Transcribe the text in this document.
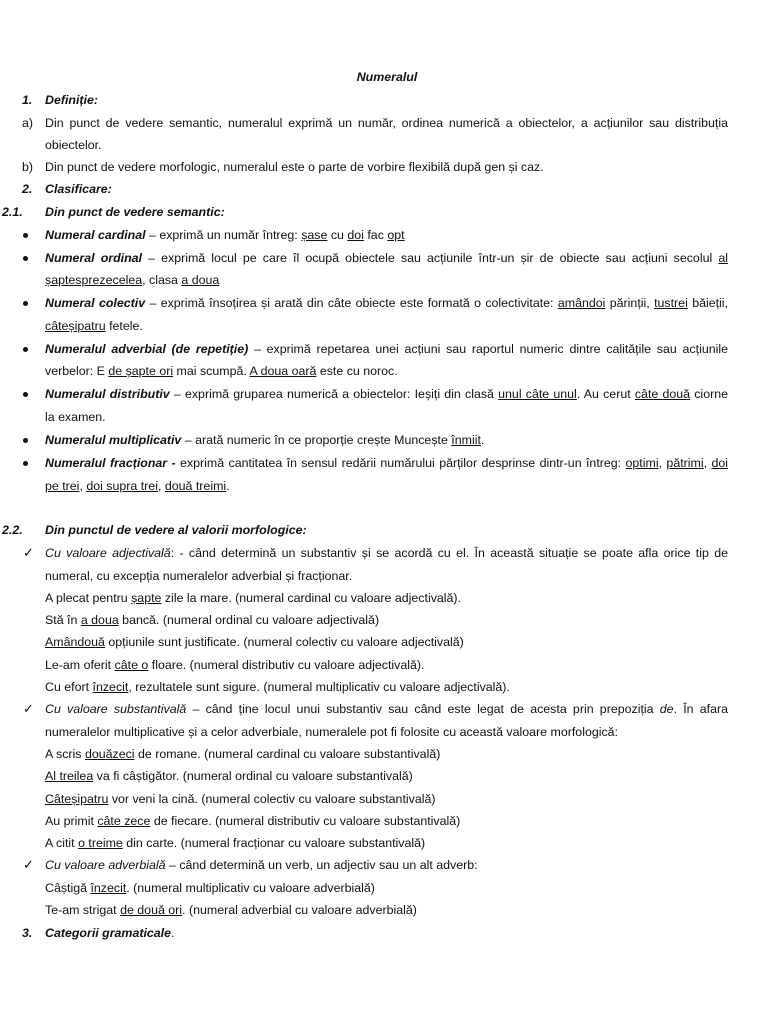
Numeralul
1. Definiție:
a) Din punct de vedere semantic, numeralul exprimă un număr, ordinea numerică a obiectelor, a acțiunilor sau distribuția
obiectelor.
b) Din punct de vedere morfologic, numeralul este o parte de vorbire flexibilă după gen și caz.
2. Clasificare:
2.1. Din punct de vedere semantic:
Numeral cardinal – exprimă un număr întreg: șase cu doi fac opt
Numeral ordinal – exprimă locul pe care îl ocupă obiectele sau acțiunile într-un șir de obiecte sau acțiuni secolul al
șaptesprezecelea, clasa a doua
Numeral colectiv – exprimă însoțirea și arată din câte obiecte este formată o colectivitate: amândoi părinții, tustrei băieții,
câteșipatru fetele.
Numeralul adverbial (de repetiție) – exprimă repetarea unei acțiuni sau raportul numeric dintre calitățile sau acțiunile
verbelor: E de șapte ori mai scumpă. A doua oară este cu noroc.
Numeralul distributiv – exprimă gruparea numerică a obiectelor: Ieșiți din clasă unul câte unul. Au cerut câte două ciorne
la examen.
Numeralul multiplicativ – arată numeric în ce proporție crește Muncește înmiit.
Numeralul fracționar - exprimă cantitatea în sensul redării numărului părților desprinse dintr-un întreg: optimi, pătrimi, doi
pe trei, doi supra trei, două treimi.
2.2. Din punctul de vedere al valorii morfologice:
✓ Cu valoare adjectivală: - când determină un substantiv și se acordă cu el. În această situație se poate afla orice tip de
numeral, cu excepția numeralelor adverbial și fracționar.
A plecat pentru șapte zile la mare. (numeral cardinal cu valoare adjectivală).
Stă în a doua bancă. (numeral ordinal cu valoare adjectivală)
Amândouă opțiunile sunt justificate. (numeral colectiv cu valoare adjectivală)
Le-am oferit câte o floare. (numeral distributiv cu valoare adjectivală).
Cu efort înzecit, rezultatele sunt sigure. (numeral multiplicativ cu valoare adjectivală).
✓ Cu valoare substantivală – când ține locul unui substantiv sau când este legat de acesta prin prepoziția de. În afara
numeralelor multiplicative și a celor adverbiale, numeralele pot fi folosite cu această valoare morfologică:
A scris douăzeci de romane. (numeral cardinal cu valoare substantivală)
Al treilea va fi câștigător. (numeral ordinal cu valoare substantivală)
Câteșipatru vor veni la cină. (numeral colectiv cu valoare substantivală)
Au primit câte zece de fiecare. (numeral distributiv cu valoare substantivală)
A citit o treime din carte. (numeral fracționar cu valoare substantivală)
✓ Cu valoare adverbială – când determină un verb, un adjectiv sau un alt adverb:
Câștigă înzecit. (numeral multiplicativ cu valoare adverbială)
Te-am strigat de două ori. (numeral adverbial cu valoare adverbială)
3. Categorii gramaticale.
